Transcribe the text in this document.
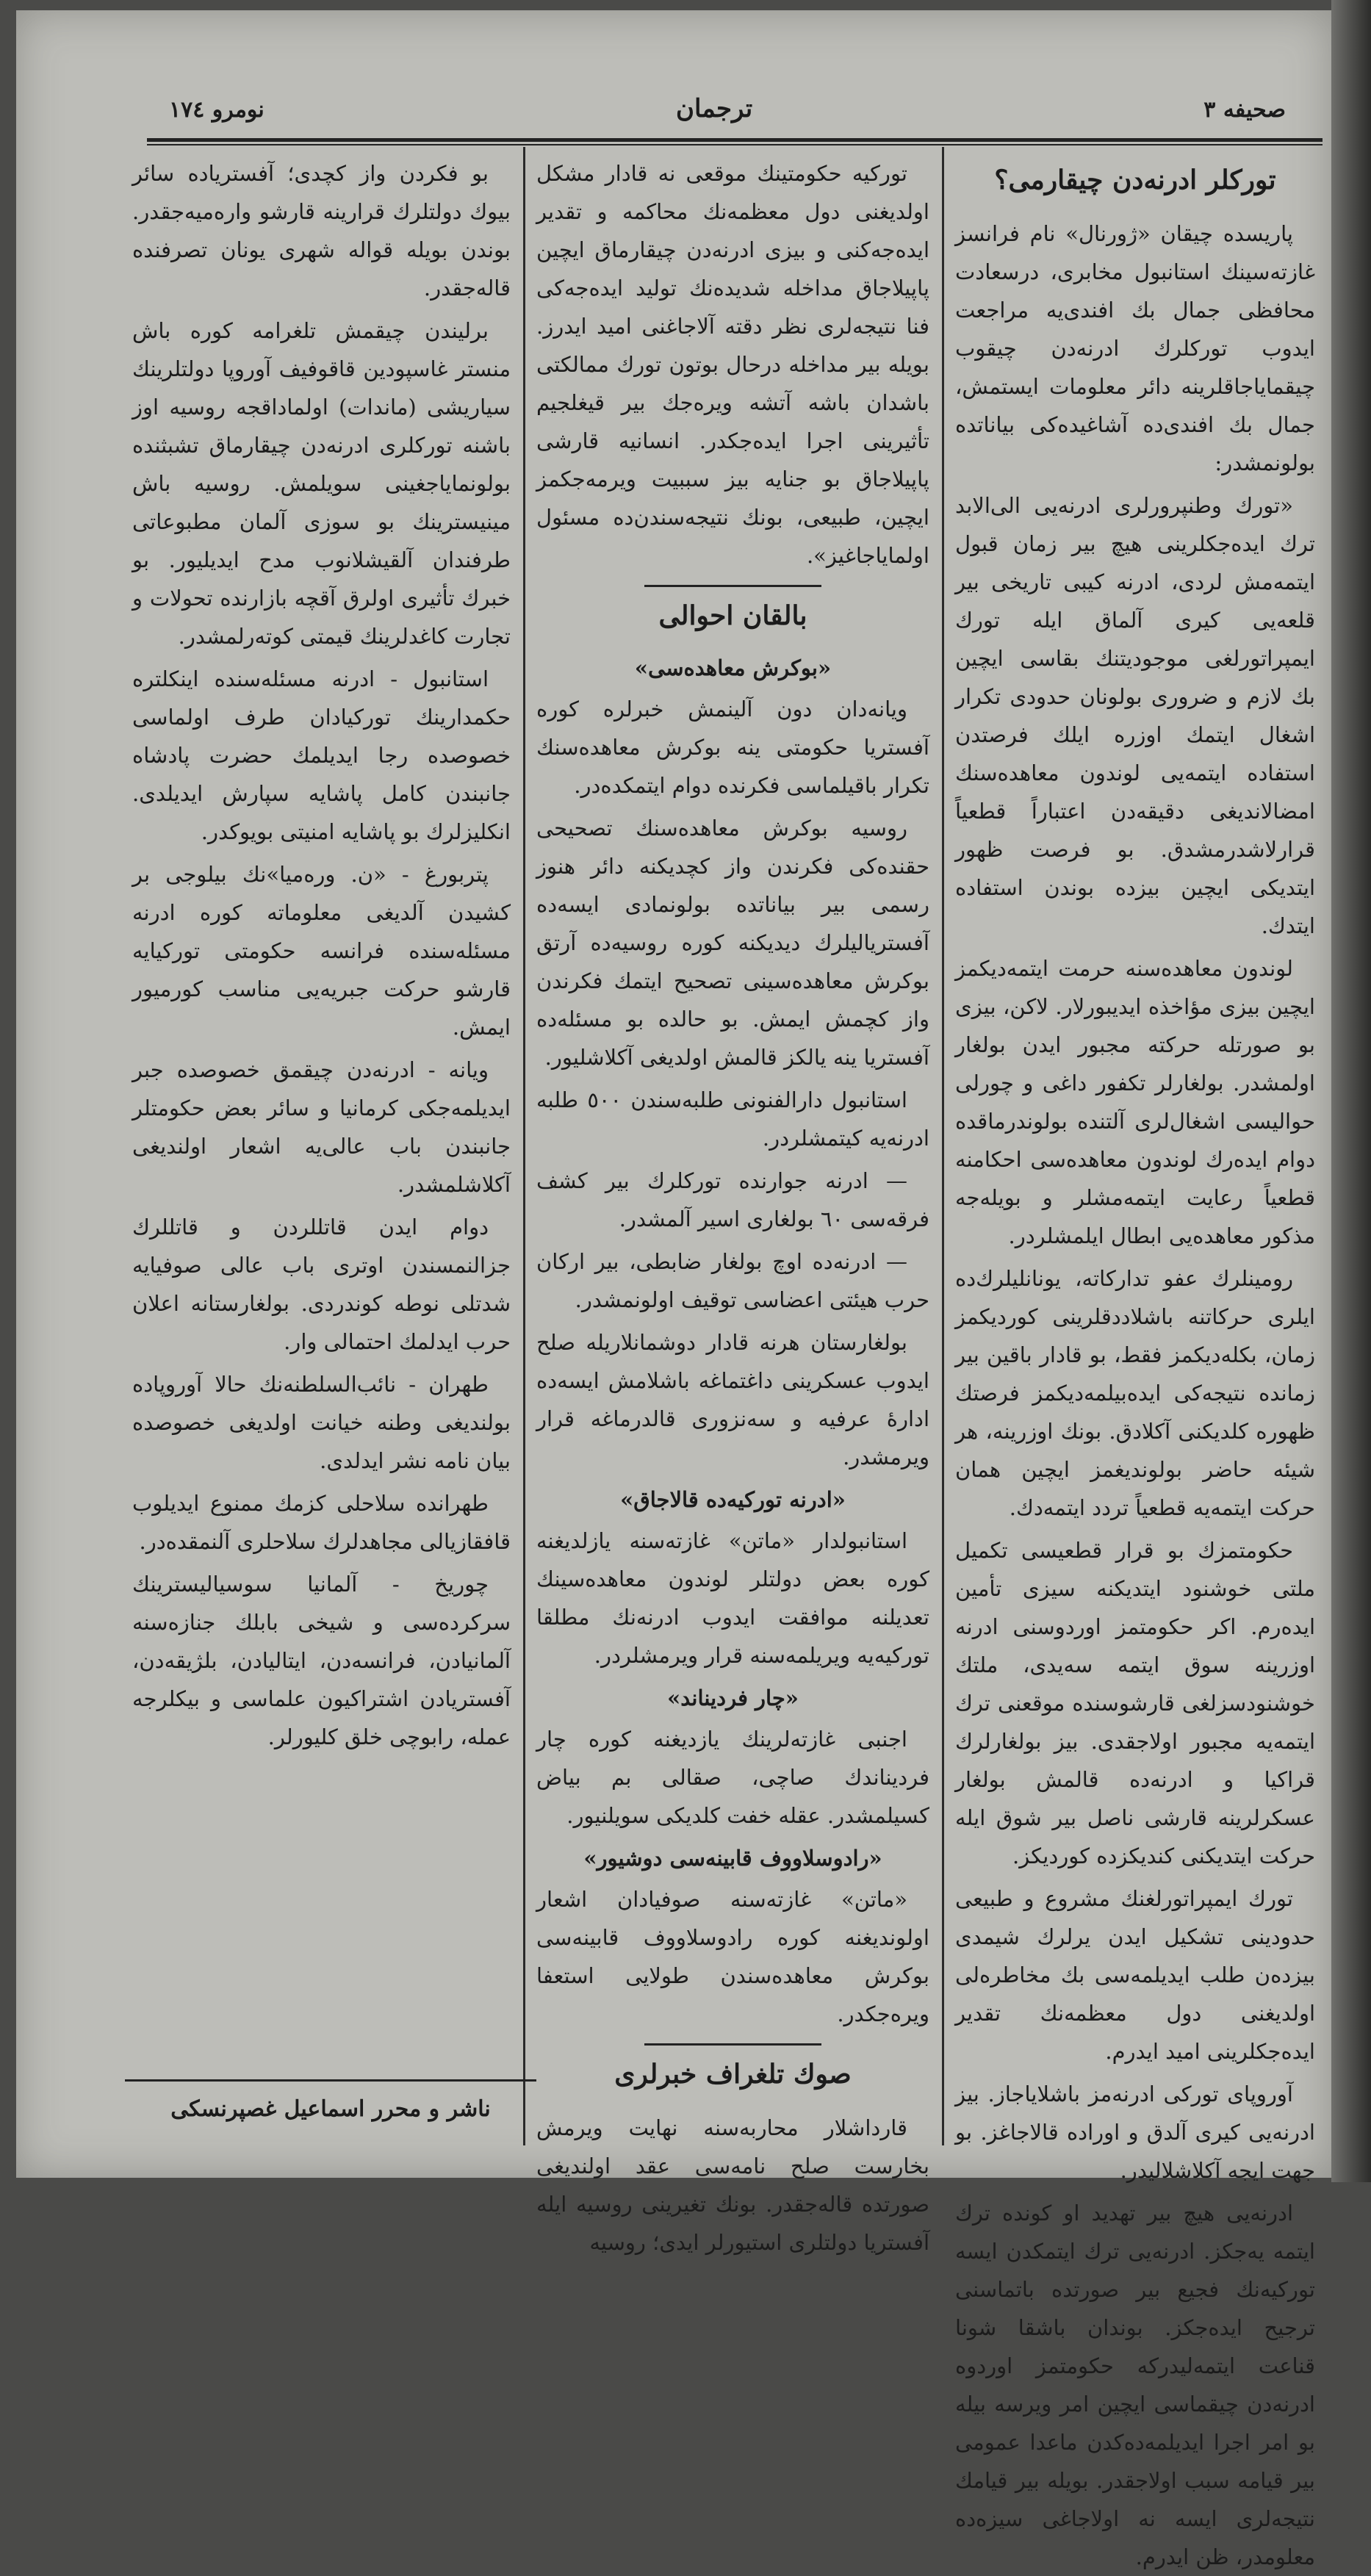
صحیفه ۳
ترجمان
نومرو ۱۷٤
تورکلر ادرنه‌دن چیقارمی؟

پاریسده چیقان «ژورنال» نام فرانسز غازته‌سینك استانبول مخابری، درسعادت محافظی جمال بك افندی‌یه مراجعت ایدوب تورکلرك ادرنه‌دن چیقوب چیقمایاجاقلرینه دائر معلومات ایستمش، جمال بك افندی‌ده آشاغیده‌کی بیاناتده بولونمشدر:

«تورك وطنپرورلری ادرنه‌یی الی‌الابد ترك ایده‌جکلرینی هیچ بیر زمان قبول ایتمه‌مش لردی، ادرنه کیبی تاریخی بیر قلعه‌یی کیری آلماق ایله تورك ایمپراتورلغی موجودیتنك بقاسی ایچین بك لازم و ضروری بولونان حدودی تکرار اشغال ایتمك اوزره ایلك فرصتدن استفاده ایتمه‌یی لوندون معاهده‌سنك امضالاندیغی دقیقه‌دن اعتباراً قطعیاً قرارلاشدرمشدق. بو فرصت ظهور ایتدیکی ایچین بیزده بوندن استفاده ایتدك.

لوندون معاهده‌سنه حرمت ایتمه‌دیکمز ایچین بیزی مؤاخذه ایدیبورلار. لاکن، بیزی بو صورتله حرکته مجبور ایدن بولغار اولمشدر. بولغارلر تکفور داغی و چورلی حوالیسی اشغال‌لری آلتنده بولوندرماقده دوام ایده‌رك لوندون معاهده‌سی احکامنه قطعیاً رعایت ایتمه‌مشلر و بویله‌جه مذکور معاهده‌یی ابطال ایلمشلردر.

رومینلرك عفو تدارکاته، یونانلیلرك‌ده ایلری حرکاتنه باشلاددقلرینی کوردیکمز زمان، بکله‌دیکمز فقط، بو قادار باقین بیر زمانده نتیجه‌کی ایده‌بیلمه‌دیکمز فرصتك ظهوره کلدیکنی آکلادق. بونك اوزرینه، هر شیئه حاضر بولوندیغمز ایچین همان حرکت ایتمه‌یه قطعیاً تردد ایتمه‌دك.

حکومتمزك بو قرار قطعیسی تکمیل ملتی خوشنود ایتدیکنه سیزی تأمین ایده‌رم. اکر حکومتمز اوردوسنی ادرنه اوزرینه سوق ایتمه سه‌یدی، ملتك خوشنودسزلغی قارشوسنده موقعنی ترك ایتمه‌یه مجبور اولاجقدی. بیز بولغارلرك قراکیا و ادرنه‌ده قالمش بولغار عسکرلرینه قارشی ناصل بیر شوق ایله حرکت ایتدیکنی کندیکزده کوردیکز.

تورك ایمپراتورلغنك مشروع و طبیعی حدودینی تشکیل ایدن یرلرك شیمدی بیزده‌ن طلب ایدیلمه‌سی بك مخاطره‌لی اولدیغنی دول معظمه‌نك تقدیر ایده‌جکلرینی امید ایدرم.

آوروپای تورکی ادرنه‌مز باشلایاجاز. بیز ادرنه‌یی کیری آلدق و اوراده قالاجاغز. بو جهت ایجه آکلاشلالیدر.

ادرنه‌یی هیچ بیر تهدید او کونده ترك ایتمه یه‌جکز. ادرنه‌یی ترك ایتمکدن ایسه تورکیه‌نك فجیع بیر صورتده باتماسنی ترجیح ایده‌جکز. بوندان باشقا شونا قناعت ایتمه‌لیدرکه حکومتمز اوردوه ادرنه‌دن چیقماسی ایچین امر ویرسه بیله بو امر اجرا ایدیلمه‌ده‌کدن ماعدا عمومی بیر قیامه سبب اولاجقدر. بویله بیر قیامك نتیجه‌لری ایسه نه اولاجاغی سیزه‌ده معلومدر، ظن ایدرم.

تورکیه حکومتینك موقعی نه قادار مشکل اولدیغنی دول معظمه‌نك محاکمه و تقدیر ایده‌جه‌کنی و بیزی ادرنه‌دن چیقارماق ایچین پاپیلاجاق مداخله شدیده‌نك تولید ایده‌جه‌کی فنا نتیجه‌لری نظر دقته آلاجاغنی امید ایدرز. بویله بیر مداخله درحال بوتون تورك ممالکتی باشدان باشه آتشه ویره‌جك بیر قیغلجیم تأثیرینی اجرا ایده‌جکدر. انسانیه قارشی پاپیلاجاق بو جنایه بیز سببیت ویرمه‌جکمز ایچین، طبیعی، بونك نتیجه‌سندن‌ده مسئول اولمایاجاغیز».

بالقان احوالی
«بوکرش معاهده‌سی»

ویانه‌دان دون آلینمش خبرلره کوره آفستریا حکومتی ینه بوکرش معاهده‌سنك تکرار باقیلماسی فکرنده دوام ایتمکده‌در.

روسیه بوکرش معاهده‌سنك تصحیحی حقنده‌کی فکرندن واز کچدیکنه دائر هنوز رسمی بیر بیاناتده بولونمادی ایسه‌ده آفستریالیلرك دیدیکنه کوره روسیه‌ده آرتق بوکرش معاهده‌سینی تصحیح ایتمك فکرندن واز کچمش ایمش. بو حالده بو مسئله‌ده آفستریا ینه یالکز قالمش اولدیغی آکلاشلیور.

استانبول دارالفنونی طلبه‌سندن ٥٠٠ طلبه ادرنه‌یه کیتمشلردر.

— ادرنه جوارنده تورکلرك بیر کشف فرقه‌سی ٦٠ بولغاری اسیر آلمشدر.

— ادرنه‌ده اوچ بولغار ضابطی، بیر ارکان حرب هیئتی اعضاسی توقیف اولونمشدر.

بولغارستان هرنه قادار دوشمانلاریله صلح ایدوب عسکرینی داغتماغه باشلامش ایسه‌ده ادارهٔ عرفیه و سه‌نزوری قالدرماغه قرار ویرمشدر.

«ادرنه تورکیه‌ده قالاجاق»

استانبولدار «ماتن» غازته‌سنه یازلدیغنه کوره بعض دولتلر لوندون معاهده‌سینك تعدیلنه موافقت ایدوب ادرنه‌نك مطلقا تورکیه‌یه ویریلمه‌سنه قرار ویرمشلردر.

«چار فردیناند»

اجنبی غازته‌لرینك یازدیغنه کوره چار فردیناندك صاچی، صقالی بم بیاض کسیلمشدر. عقله خفت کلدیکی سویلنیور.

«رادوسلاووف قابینه‌سی دوشیور»

«ماتن» غازته‌سنه صوفیادان اشعار اولوندیغنه کوره رادوسلاووف قابینه‌سی بوکرش معاهده‌سندن طولایی استعفا ویره‌جکدر.

صوك تلغراف خبرلری

قارداشلار محاربه‌سنه نهایت ویرمش بخارست صلح نامه‌سی عقد اولندیغی صورتده قاله‌جقدر. بونك تغیرینی روسیه ایله آفستریا دولتلری استیورلر ایدی؛ روسیه

بو فکردن واز کچدی؛ آفستریاده سائر بیوك دولتلرك قرارینه قارشو واره‌میه‌جقدر. بوندن بویله قواله شهری یونان تصرفنده قاله‌جقدر.

برلیندن چیقمش تلغرامه کوره باش منستر غاسپودین قاقوفیف آوروپا دولتلرینك سیاریشی (ماندات) اولماداقجه روسیه اوز باشنه تورکلری ادرنه‌دن چیقارماق تشبثنده بولونمایاجغینی سویلمش. روسیه باش مینیسترینك بو سوزی آلمان مطبوعاتی طرفندان آلقیشلانوب مدح ایدیلیور. بو خبرك تأثیری اولرق آقچه بازارنده تحولات و تجارت کاغدلرینك قیمتی کوته‌رلمشدر.

استانبول - ادرنه مسئله‌سنده اینکلتره حکمدارینك تورکیادان طرف اولماسی خصوصده رجا ایدیلمك حضرت پادشاه جانبندن کامل پاشایه سپارش ایدیلدی. انکلیزلرك بو پاشایه امنیتی بویوکدر.

پتربورغ - «ن. وره‌میا»نك بیلوجی بر کشیدن آلدیغی معلوماته کوره ادرنه مسئله‌سنده فرانسه حکومتی تورکیایه قارشو حرکت جبریه‌یی مناسب کورمیور ایمش.

ویانه - ادرنه‌دن چیقمق خصوصده جبر ایدیلمه‌جکی کرمانیا و سائر بعض حکومتلر جانبندن باب عالی‌یه اشعار اولندیغی آکلاشلمشدر.

دوام ایدن قاتللردن و قاتللرك جزالنمسندن اوتری باب عالی صوفیایه شدتلی نوطه کوندردی. بولغارستانه اعلان حرب ایدلمك احتمالی وار.

طهران - نائب‌السلطنه‌نك حالا آوروپاده بولندیغی وطنه خیانت اولدیغی خصوصده بیان نامه نشر ایدلدی.

طهرانده سلاحلی کزمك ممنوع ایدیلوب قافقازیالی مجاهدلرك سلاحلری آلنمقده‌در.

چوریخ - آلمانیا سوسیالیسترینك سرکرده‌سی و شیخی بابلك جنازه‌سنه آلمانیادن، فرانسه‌دن، ایتالیادن، بلژیقه‌دن، آفستریادن اشتراکیون علماسی و بیکلرجه عمله، رابوچی خلق کلیورلر.

ناشر و محرر اسماعیل غصپرنسکی
